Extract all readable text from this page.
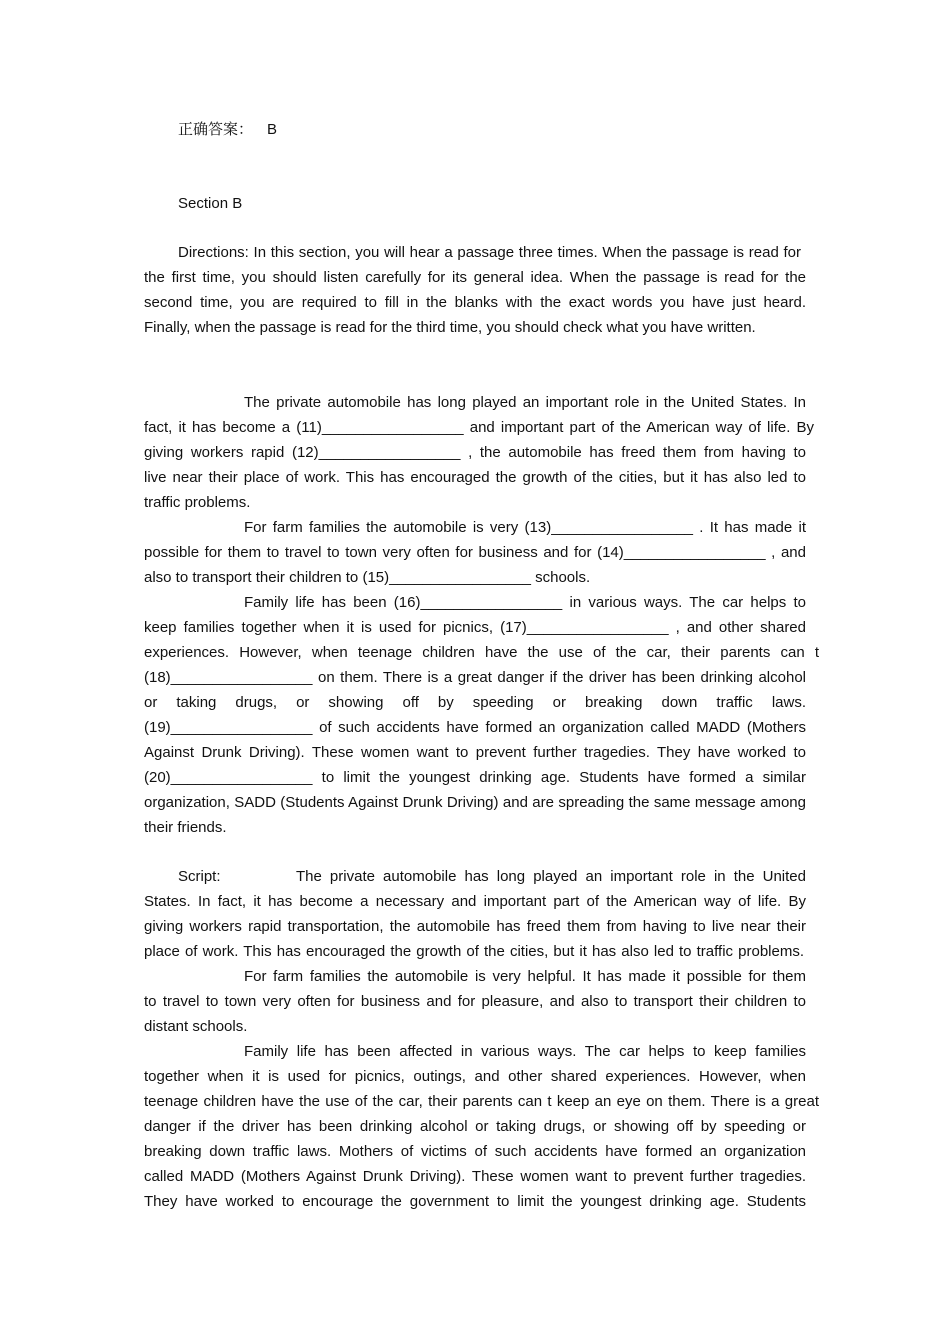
正确答案： B
Section B
Directions: In this section, you will hear a passage three times. When the passage is read for
the first time, you should listen carefully for its general idea. When the passage is read for the
second time, you are required to fill in the blanks with the exact words you have just heard.
Finally, when the passage is read for the third time, you should check what you have written.
The private automobile has long played an important role in the United States. In
fact, it has become a (11)_________________ and important part of the American way of life. By
giving workers rapid (12)_________________ , the automobile has freed them from having to
live near their place of work. This has encouraged the growth of the cities, but it has also led to
traffic problems.
For farm families the automobile is very (13)_________________ . It has made it
possible for them to travel to town very often for business and for (14)_________________ , and
also to transport their children to (15)_________________ schools.
Family life has been (16)_________________ in various ways. The car helps to
keep families together when it is used for picnics, (17)_________________ , and other shared
experiences. However, when teenage children have the use of the car, their parents can t
(18)_________________ on them. There is a great danger if the driver has been drinking alcohol
or taking drugs, or showing off by speeding or breaking down traffic laws.
(19)_________________ of such accidents have formed an organization called MADD (Mothers
Against Drunk Driving). These women want to prevent further tragedies. They have worked to
(20)_________________ to limit the youngest drinking age. Students have formed a similar
organization, SADD (Students Against Drunk Driving) and are spreading the same message among
their friends.
Script:	The private automobile has long played an important role in the United
States. In fact, it has become a necessary and important part of the American way of life. By
giving workers rapid transportation, the automobile has freed them from having to live near their
place of work. This has encouraged the growth of the cities, but it has also led to traffic problems.
For farm families the automobile is very helpful. It has made it possible for them
to travel to town very often for business and for pleasure, and also to transport their children to
distant schools.
Family life has been affected in various ways. The car helps to keep families
together when it is used for picnics, outings, and other shared experiences. However, when
teenage children have the use of the car, their parents can t keep an eye on them. There is a great
danger if the driver has been drinking alcohol or taking drugs, or showing off by speeding or
breaking down traffic laws. Mothers of victims of such accidents have formed an organization
called MADD (Mothers Against Drunk Driving). These women want to prevent further tragedies.
They have worked to encourage the government to limit the youngest drinking age. Students
